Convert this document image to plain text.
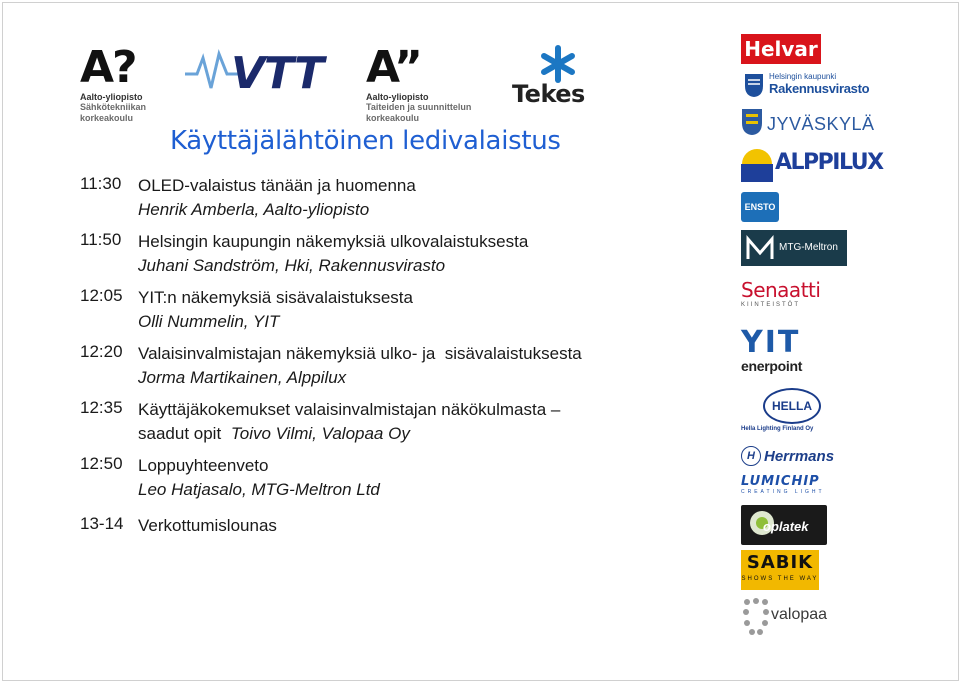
A?
Aalto-yliopisto
Sähkötekniikan
korkeakoulu
VTT A”
Aalto-yliopisto
Taiteiden ja suunnittelun
korkeakoulu
Tekes
Käyttäjälähtöinen ledivalaistus
11:30 OLED-valaistus tänään ja huomenna
Henrik Amberla, Aalto-yliopisto
11:50 Helsingin kaupungin näkemyksiä ulkovalaistuksesta
Juhani Sandström, Hki, Rakennusvirasto
12:05 YIT:n näkemyksiä sisävalaistuksesta
Olli Nummelin, YIT
12:20 Valaisinvalmistajan näkemyksiä ulko- ja  sisävalaistuksesta
Jorma Martikainen, Alppilux
12:35 Käyttäjäkokemukset valaisinvalmistajan näkökulmasta –
saadut opit Toivo Vilmi, Valopaa Oy
12:50 Loppuyhteenveto
Leo Hatjasalo, MTG-Meltron Ltd
13-14 Verkottumislounas
Helvar
Helsingin kaupunki
Rakennusvirasto
JYVÄSKYLÄ
ALPPILUX
ENSTO
MTG-Meltron
Senaatti
KIINTEISTÖT
YIT
enerpoint
HELLA
Hella Lighting Finland Oy
H Herrmans
LUMICHIP
CREATING LIGHT
oplatek
SABIK
SHOWS THE WAY
valopaa
